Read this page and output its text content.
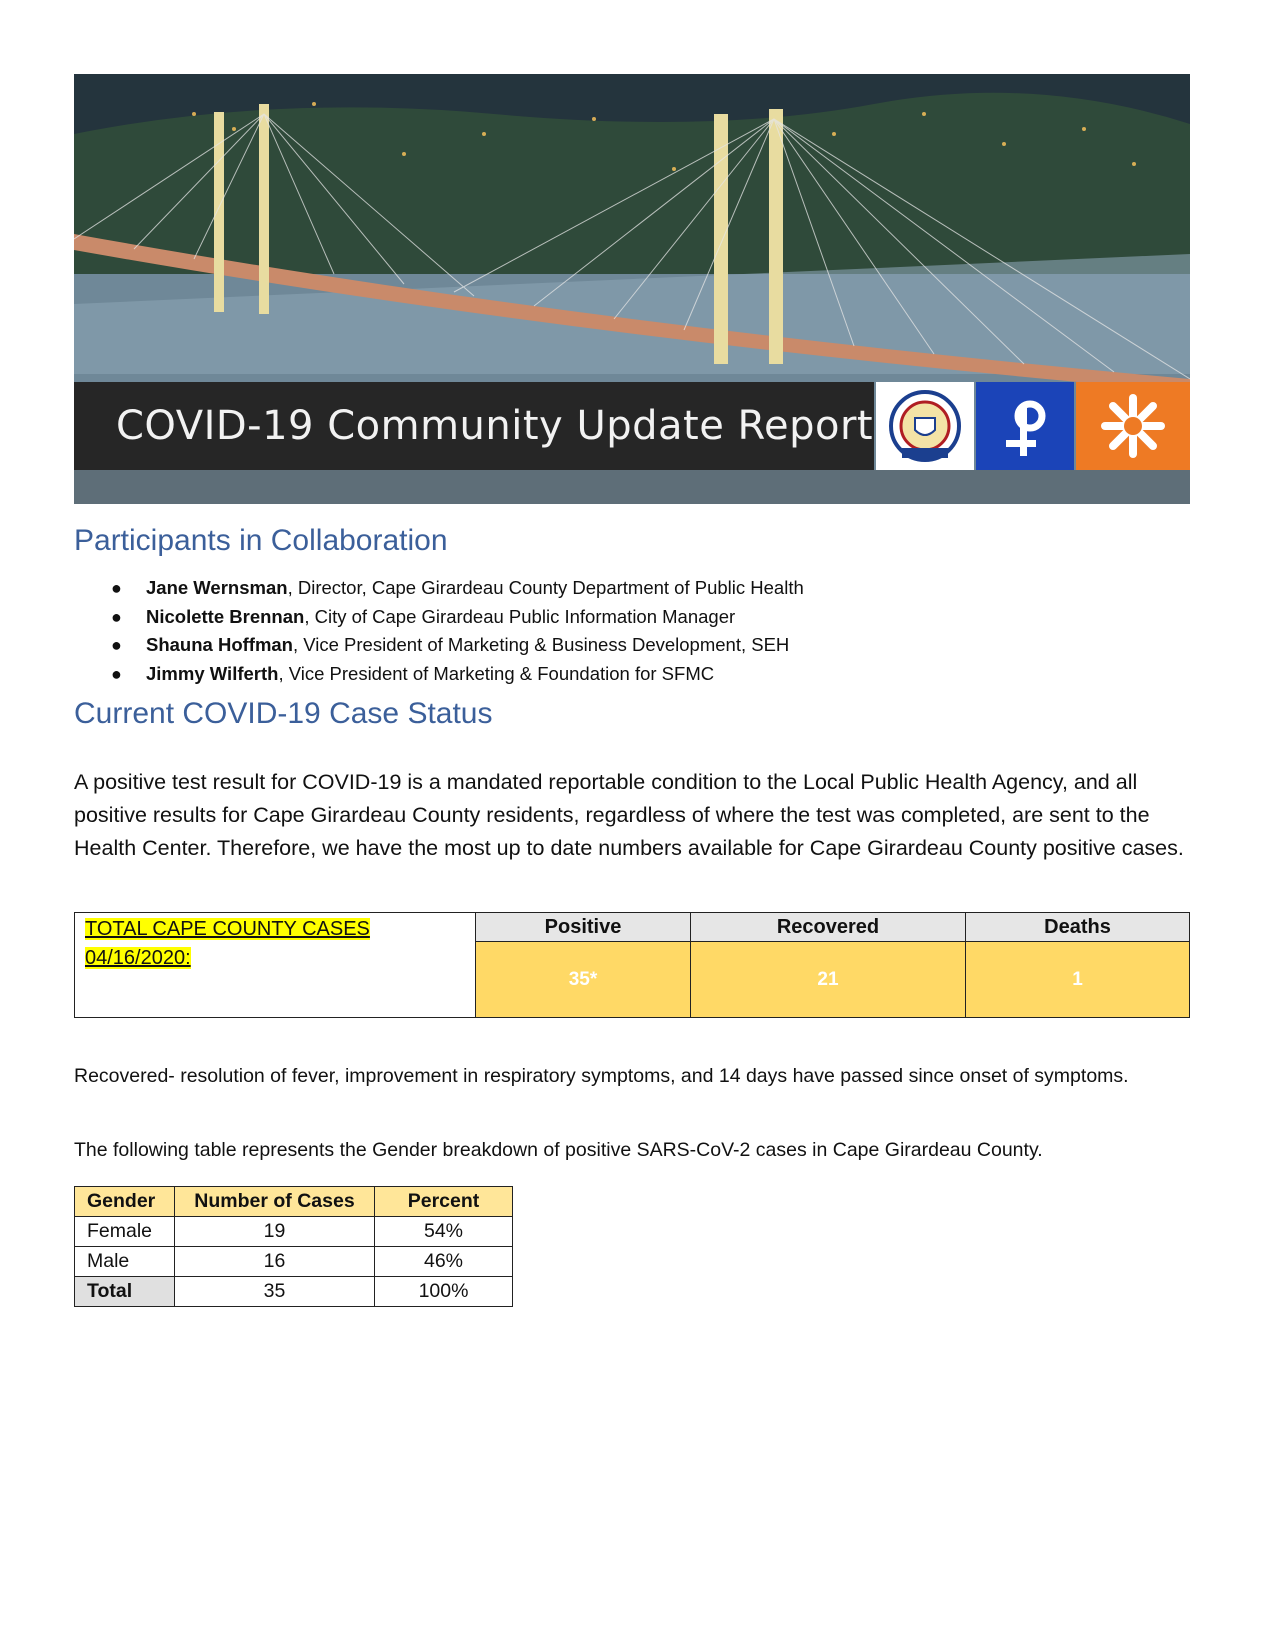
COVID-19 Community Update Report
Participants in Collaboration
● Jane Wernsman, Director, Cape Girardeau County Department of Public Health
● Nicolette Brennan, City of Cape Girardeau Public Information Manager
● Shauna Hoffman, Vice President of Marketing & Business Development, SEH
● Jimmy Wilferth, Vice President of Marketing & Foundation for SFMC
Current COVID-19 Case Status

A positive test result for COVID-19 is a mandated reportable condition to the Local Public Health Agency, and all positive results for Cape Girardeau County residents, regardless of where the test was completed, are sent to the Health Center. Therefore, we have the most up to date numbers available for Cape Girardeau County positive cases.

TOTAL CAPE COUNTY CASES
04/16/2020:	Positive	Recovered	Deaths
	35*	21	1

Recovered- resolution of fever, improvement in respiratory symptoms, and 14 days have passed since onset of symptoms.

The following table represents the Gender breakdown of positive SARS-CoV-2 cases in Cape Girardeau County.

Gender	Number of Cases	Percent
Female	19	54%
Male	16	46%
Total	35	100%
